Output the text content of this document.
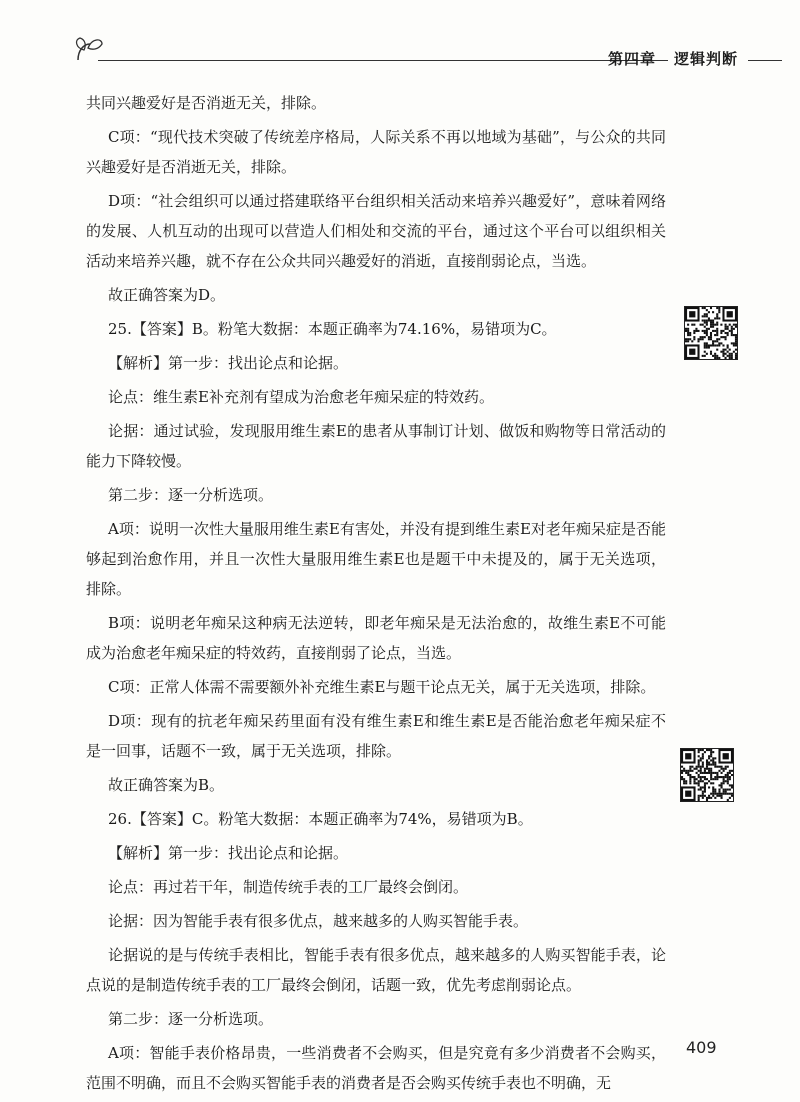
第四章 逻辑判断

共同兴趣爱好是否消逝无关，排除。

C项：“现代技术突破了传统差序格局，人际关系不再以地域为基础”，与公众的共同兴趣爱好是否消逝无关，排除。

D项：“社会组织可以通过搭建联络平台组织相关活动来培养兴趣爱好”，意味着网络的发展、人机互动的出现可以营造人们相处和交流的平台，通过这个平台可以组织相关活动来培养兴趣，就不存在公众共同兴趣爱好的消逝，直接削弱论点，当选。

故正确答案为D。

25.【答案】B。粉笔大数据：本题正确率为74.16%，易错项为C。

【解析】第一步：找出论点和论据。

论点：维生素E补充剂有望成为治愈老年痴呆症的特效药。

论据：通过试验，发现服用维生素E的患者从事制订计划、做饭和购物等日常活动的能力下降较慢。

第二步：逐一分析选项。

A项：说明一次性大量服用维生素E有害处，并没有提到维生素E对老年痴呆症是否能够起到治愈作用，并且一次性大量服用维生素E也是题干中未提及的，属于无关选项，排除。

B项：说明老年痴呆这种病无法逆转，即老年痴呆是无法治愈的，故维生素E不可能成为治愈老年痴呆症的特效药，直接削弱了论点，当选。

C项：正常人体需不需要额外补充维生素E与题干论点无关，属于无关选项，排除。

D项：现有的抗老年痴呆药里面有没有维生素E和维生素E是否能治愈老年痴呆症不是一回事，话题不一致，属于无关选项，排除。

故正确答案为B。

26.【答案】C。粉笔大数据：本题正确率为74%，易错项为B。

【解析】第一步：找出论点和论据。

论点：再过若干年，制造传统手表的工厂最终会倒闭。

论据：因为智能手表有很多优点，越来越多的人购买智能手表。

论据说的是与传统手表相比，智能手表有很多优点，越来越多的人购买智能手表，论点说的是制造传统手表的工厂最终会倒闭，话题一致，优先考虑削弱论点。

第二步：逐一分析选项。

A项：智能手表价格昂贵，一些消费者不会购买，但是究竟有多少消费者不会购买，范围不明确，而且不会购买智能手表的消费者是否会购买传统手表也不明确，无

409
